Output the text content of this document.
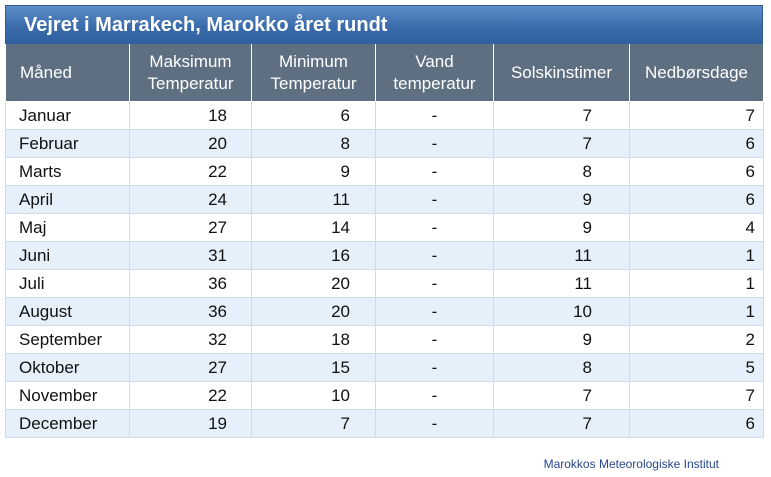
Vejret i Marrakech, Marokko året rundt
Måned	Maksimum Temperatur	Minimum Temperatur	Vand temperatur	Solskinstimer	Nedbørsdage
Januar	18	6	-	7	7
Februar	20	8	-	7	6
Marts	22	9	-	8	6
April	24	11	-	9	6
Maj	27	14	-	9	4
Juni	31	16	-	11	1
Juli	36	20	-	11	1
August	36	20	-	10	1
September	32	18	-	9	2
Oktober	27	15	-	8	5
November	22	10	-	7	7
December	19	7	-	7	6
Marokkos Meteorologiske Institut
